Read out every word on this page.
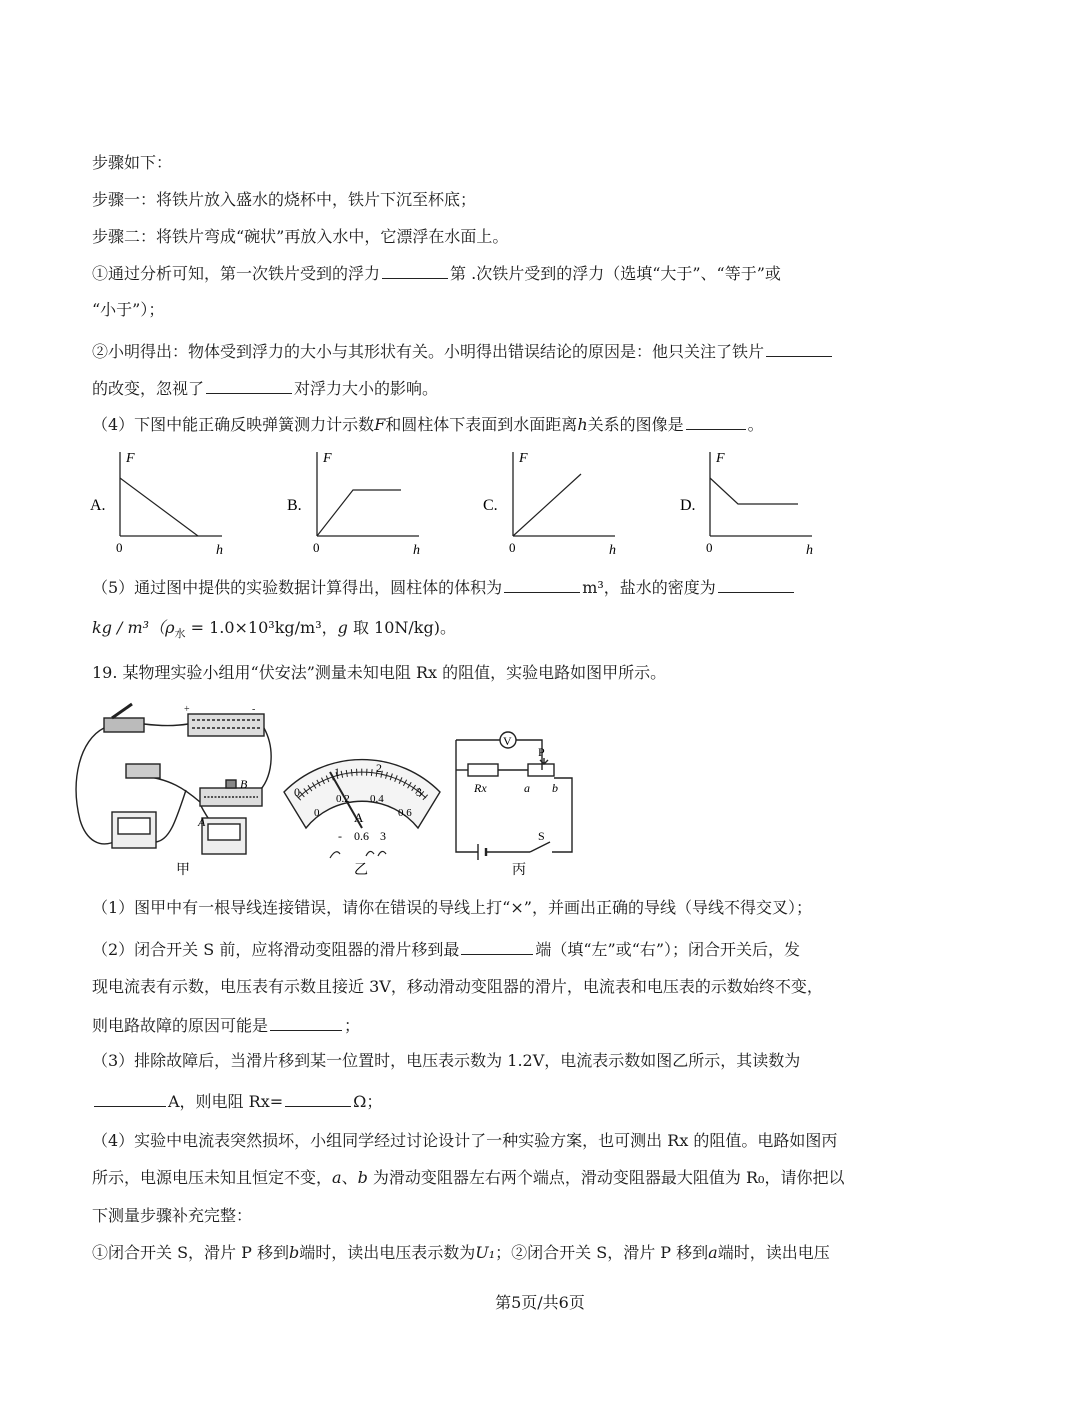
步骤如下：
步骤一：将铁片放入盛水的烧杯中，铁片下沉至杯底；
步骤二：将铁片弯成“碗状”再放入水中，它漂浮在水面上。
①通过分析可知，第一次铁片受到的浮力	第 .次铁片受到的浮力（选填“大于”、“等于”或
“小于”）；
②小明得出：物体受到浮力的大小与其形状有关。小明得出错误结论的原因是：他只关注了铁片
的改变，忽视了	对浮力大小的影响。
（4）下图中能正确反映弹簧测力计示数F和圆柱体下表面到水面距离h关系的图像是	。
A.
F
0	h
B.
F
0	h
C.
F
0	h
D.
F
0	h
（5）通过图中提供的实验数据计算得出，圆柱体的体积为	m³，盐水的密度为
kg / $m^3(\rho_水 = 1.0\times 10^3kg/m^3$，g 取 10N/kg)。
19. 某物理实验小组用“伏安法”测量未知电阻 Rx 的阻值，实验电路如图甲所示。
+	-
A
B
甲
0
1	2
3
0
0.2 0.4
0.6
A
- 0.6 3
乙
V
P
Rx	a b
S
丙
（1）图甲中有一根导线连接错误，请你在错误的导线上打“×”，并画出正确的导线（导线不得交叉）；
（2）闭合开关 S 前，应将滑动变阻器的滑片移到最	端（填“左”或“右”）；闭合开关后，发
现电流表有示数，电压表有示数且接近 3V，移动滑动变阻器的滑片，电流表和电压表的示数始终不变，
则电路故障的原因可能是	；
（3）排除故障后，当滑片移到某一位置时，电压表示数为 1.2V，电流表示数如图乙所示，其读数为
A，则电阻 Rx=	Ω；
（4）实验中电流表突然损坏，小组同学经过讨论设计了一种实验方案，也可测出 Rx 的阻值。电路如图丙
所示，电源电压未知且恒定不变，a、b 为滑动变阻器左右两个端点，滑动变阻器最大阻值为 R₀，请你把以
下测量步骤补充完整：
①闭合开关 S，滑片 P 移到b端时，读出电压表示数为U₁；②闭合开关 S，滑片 P 移到a端时，读出电压
第5页/共6页
